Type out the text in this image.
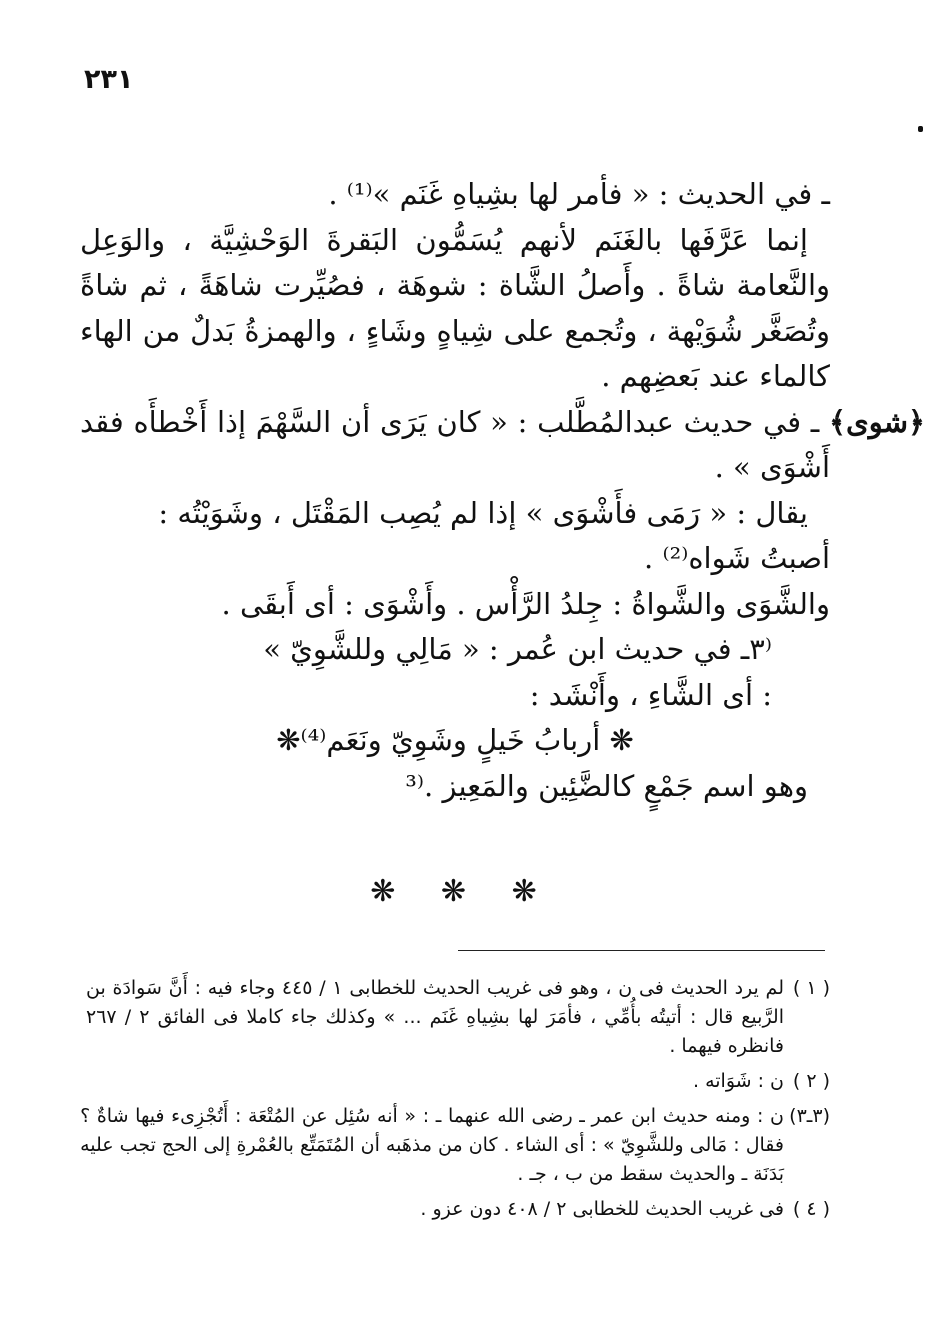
٢٣١
ـ في الحديث : « فأمر لها بشِياهِ غَنَم »⁽¹⁾ .
إنما عَرَّفَها بالغَنَم لأنهم يُسَمُّون البَقرةَ الوَحْشِيَّة ، والوَعِل
والنَّعامة شاةً . وأَصلُ الشَّاة : شوهَة ، فصُيِّرت شاهَةً ، ثم شاةً
وتُصَغَّر شُوَيْهة ، وتُجمع على شِياهٍ وشَاءٍ ، والهمزةُ بَدلٌ من الهاء
كالماء عند بَعضِهم .
﴿شوى﴾ ـ في حديث عبدالمُطَّلب : « كان يَرَى أن السَّهْمَ إذا أَخْطأَه فقد
أَشْوَى » .
يقال : « رَمَى فأَشْوَى » إذا لم يُصِب المَقْتَل ، وشَوَيْتُه :
أصبتُ شَواه⁽²⁾ .
والشَّوَى والشَّواةُ : جِلدُ الرَّأْس . وأَشْوَى : أى أَبقَى .
⁽٣ـ في حديث ابن عُمر : « مَالِي وللشَّوِيّ »
: أى الشَّاءِ ، وأَنْشَد :
❋ أربابُ خَيلٍ وشَوِيّ ونَعَم⁽⁴⁾❋
وهو اسم جَمْعٍ كالضَّئِين والمَعِيز .⁽³
❋ ❋ ❋
( ١ )
لم يرد الحديث فى ن ، وهو فى غريب الحديث للخطابى ١ / ٤٤٥ وجاء فيه : أَنَّ سَوادَة بن
الرَّبيع قال : أتيتُه بأُمِّي ، فأمَرَ لها بشِياهِ غَنَم ... » وكذلك جاء كاملا فى الفائق ٢ / ٢٦٧
فانظره فيهما .
( ٢ )
ن : شَوَاته .
(٣ـ٣)
ن : ومنه حديث ابن عمر ـ رضى الله عنهما ـ : « أنه سُئِل عن المُتْعَة : أَتُجْزِىء فيها شاةٌ ؟
فقال : مَالى وللشَّوِيّ » : أى الشاء . كان من مذهَبه أن المُتَمَتِّع بالعُمْرةِ إلى الحج تجب عليه
بَدَنَة ـ والحديث سقط من ب ، جـ .
( ٤ )
فى غريب الحديث للخطابى ٢ / ٤٠٨ دون عزو .
